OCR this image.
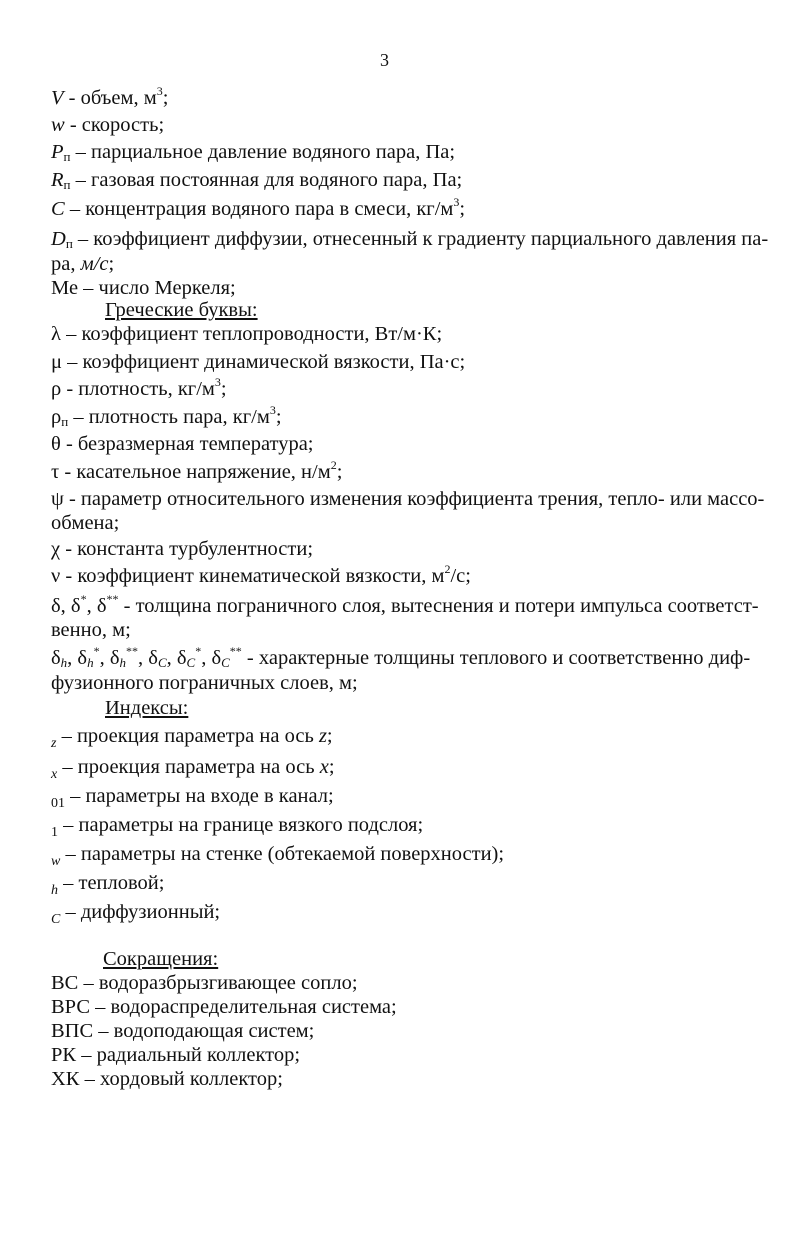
3
V - объем, $м^3$;
w - скорость;
$P_п$ – парциальное давление водяного пара, Па;
$R_п$ – газовая постоянная для водяного пара, Па;
C – концентрация водяного пара в смеси, $кг/м^3$;
$D_п$ – коэффициент диффузии, отнесенный к градиенту парциального давления па-
ра, м/с;
Ме – число Меркеля;
Греческие буквы:
λ – коэффициент теплопроводности, Вт/м·К;
μ – коэффициент динамической вязкости, Па·с;
ρ - плотность, $кг/м^3$;
$\rho_п$ – плотность пара, $кг/м^3$;
θ - безразмерная температура;
τ - касательное напряжение, $н/м^2$;
ψ - параметр относительного изменения коэффициента трения, тепло- или массо-
обмена;
χ - константа турбулентности;
ν - коэффициент кинематической вязкости, $м^2/с$;
δ, δ*, δ** - толщина пограничного слоя, вытеснения и потери импульса соответст-
венно, м;
$\delta_h$, $\delta_h^*$, $\delta_h^{**}$, $\delta_C$, $\delta_C^*$, $\delta_C^{**}$ - характерные толщины теплового и соответственно диф-
фузионного пограничных слоев, м;
Индексы:
$_z$ – проекция параметра на ось z;
$_x$ – проекция параметра на ось x;
$_{01}$ – параметры на входе в канал;
$_1$ – параметры на границе вязкого подслоя;
$_w$ – параметры на стенке (обтекаемой поверхности);
$_h$ – тепловой;
$_C$ – диффузионный;
Сокращения:
ВС – водоразбрызгивающее сопло;
ВРС – водораспределительная система;
ВПС – водоподающая систем;
РК – радиальный коллектор;
ХК – хордовый коллектор;
